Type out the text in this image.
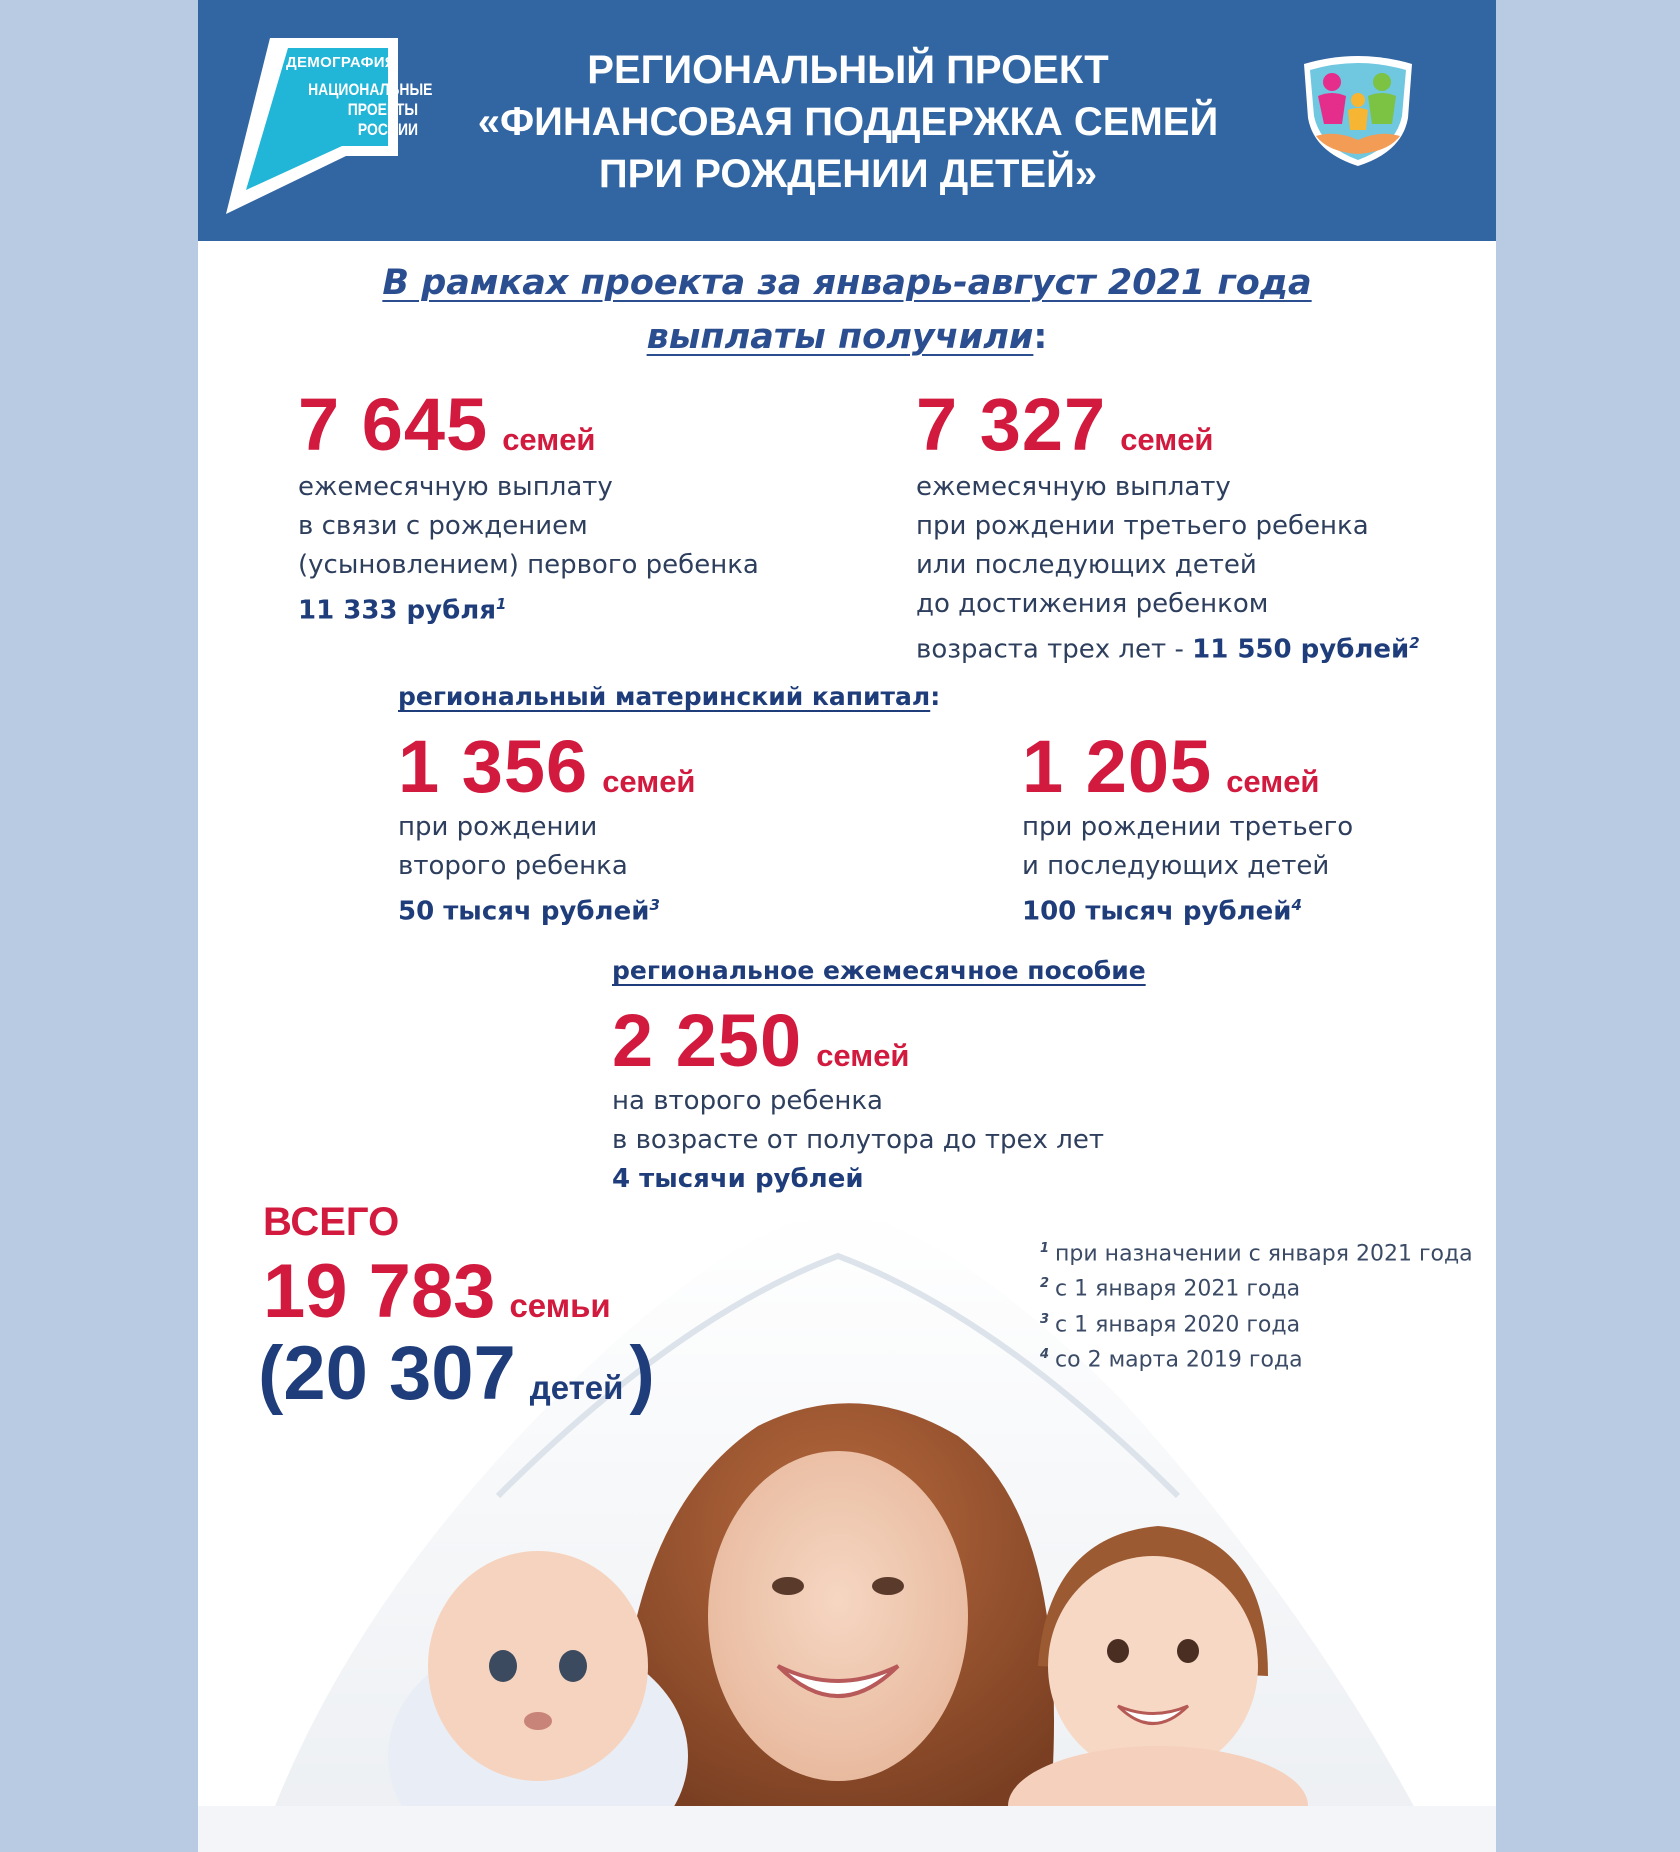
ДЕМОГРАФИЯ
НАЦИОНАЛЬНЫЕ
ПРОЕКТЫ
РОССИИ
РЕГИОНАЛЬНЫЙ ПРОЕКТ
«ФИНАНСОВАЯ ПОДДЕРЖКА СЕМЕЙ
ПРИ РОЖДЕНИИ ДЕТЕЙ»
В рамках проекта за январь-август 2021 года
выплаты получили:
7 645 семей
ежемесячную выплату
в связи с рождением
(усыновлением) первого ребенка
11 333 рубля$^1$
7 327 семей
ежемесячную выплату
при рождении третьего ребенка
или последующих детей
до достижения ребенком
возраста трех лет - 11 550 рублей$^2$
региональный материнский капитал:
1 356 семей
при рождении
второго ребенка
50 тысяч рублей$^3$
1 205 семей
при рождении третьего
и последующих детей
100 тысяч рублей$^4$
региональное ежемесячное пособие
2 250 семей
на второго ребенка
в возрасте от полутора до трех лет
4 тысячи рублей
ВСЕГО
19 783 семьи
(20 307 детей)
$^1$ при назначении с января 2021 года
$^2$ с 1 января 2021 года
$^3$ с 1 января 2020 года
$^4$ со 2 марта 2019 года
